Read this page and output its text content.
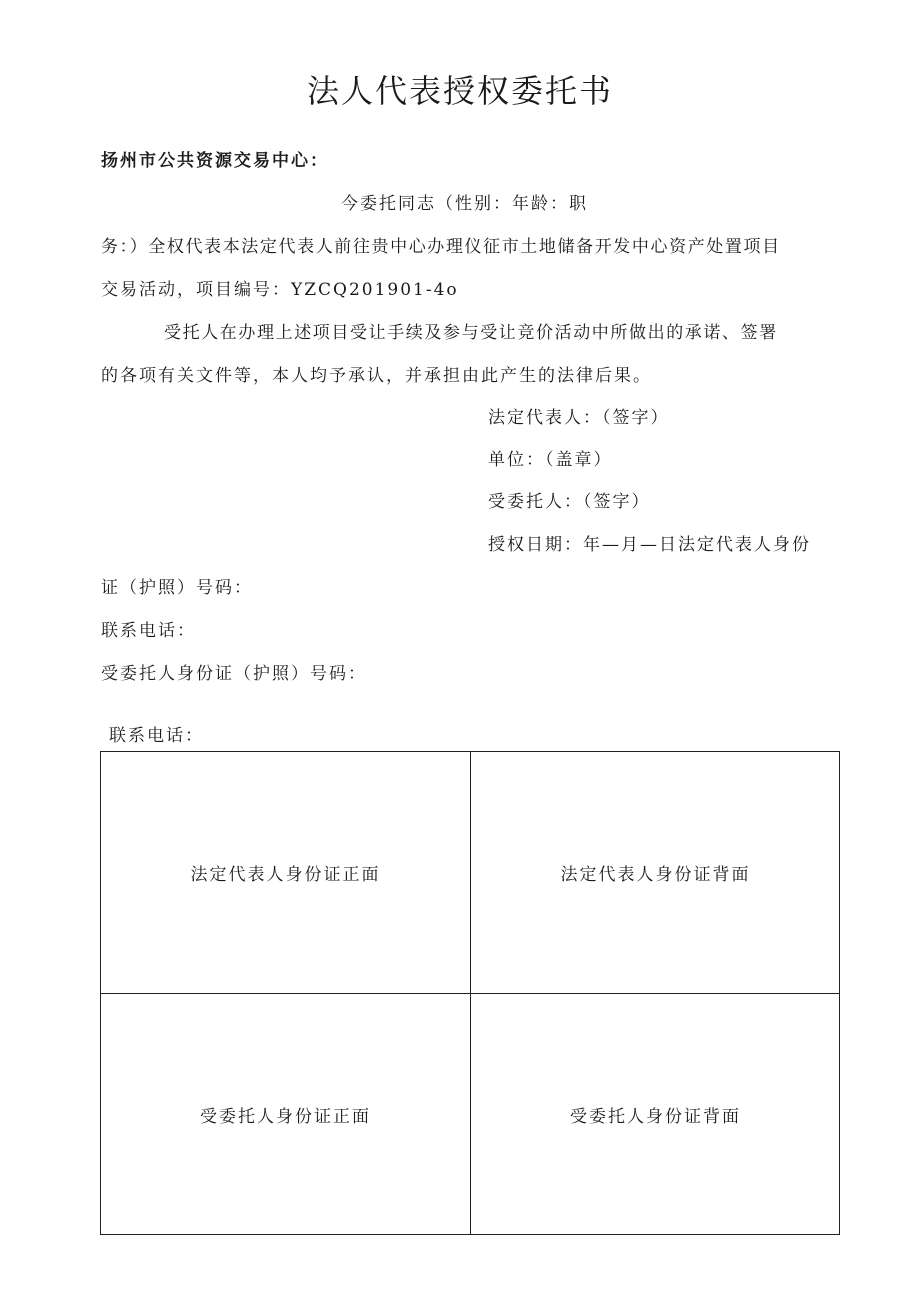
法人代表授权委托书
扬州市公共资源交易中心：
今委托同志（性别：年龄：职
务：）全权代表本法定代表人前往贵中心办理仪征市土地储备开发中心资产处置项目
交易活动，项目编号：YZCQ201901-4o
受托人在办理上述项目受让手续及参与受让竞价活动中所做出的承诺、签署
的各项有关文件等，本人均予承认，并承担由此产生的法律后果。
法定代表人：（签字）
单位：（盖章）
受委托人：（签字）
授权日期：年—月—日法定代表人身份
证（护照）号码：
联系电话：
受委托人身份证（护照）号码：
联系电话：
法定代表人身份证正面	法定代表人身份证背面
受委托人身份证正面	受委托人身份证背面
